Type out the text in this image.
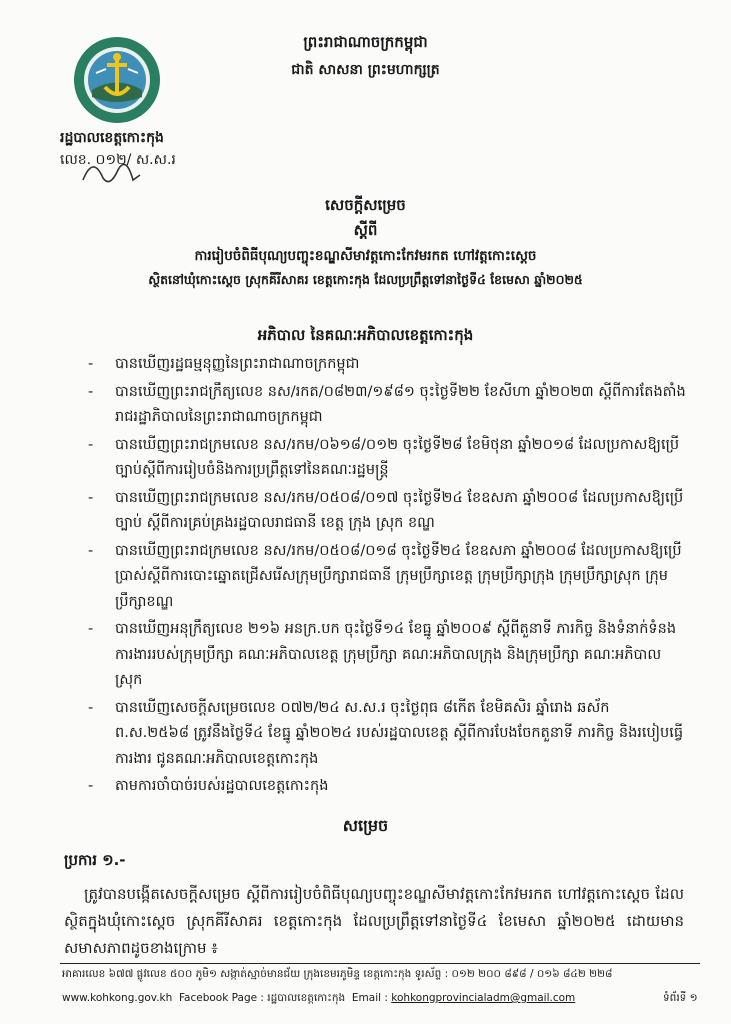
ព្រះរាជាណាចក្រកម្ពុជា
ជាតិ សាសនា ព្រះមហាក្សត្រ
រដ្ឋបាលខេត្តកោះកុង
លេខ. ០១២/ ស.ស.រ
សេចក្តីសម្រេច
ស្តីពី
ការរៀបចំពិធីបុណ្យបញ្ចុះខណ្ឌសីមាវត្តកោះកែវមរកត ហៅវត្តកោះស្ដេច
ស្ថិតនៅឃុំកោះស្ដេច ស្រុកគីរីសាគរ ខេត្តកោះកុង ដែលប្រព្រឹត្តទៅនាថ្ងៃទី៤ ខែមេសា ឆ្នាំ២០២៥
អភិបាល នៃគណៈអភិបាលខេត្តកោះកុង
- បានឃើញរដ្ឋធម្មនុញ្ញនៃព្រះរាជាណាចក្រកម្ពុជា
- បានឃើញព្រះរាជក្រឹត្យលេខ នស/រកត/០៨២៣/១៩៨១ ចុះថ្ងៃទី២២ ខែសីហា ឆ្នាំ២០២៣ ស្តីពីការតែងតាំងរាជរដ្ឋាភិបាលនៃព្រះរាជាណាចក្រកម្ពុជា
- បានឃើញព្រះរាជក្រមលេខ នស/រកម/០៦១៨/០១២ ចុះថ្ងៃទី២៨ ខែមិថុនា ឆ្នាំ២០១៨ ដែលប្រកាសឱ្យប្រើច្បាប់ស្តីពីការរៀបចំនិងការប្រព្រឹត្តទៅនៃគណៈរដ្ឋមន្ត្រី
- បានឃើញព្រះរាជក្រមលេខ នស/រកម/០៥០៨/០១៧ ចុះថ្ងៃទី២៤ ខែឧសភា ឆ្នាំ២០០៨ ដែលប្រកាសឱ្យប្រើច្បាប់ ស្តីពីការគ្រប់គ្រងរដ្ឋបាលរាជធានី ខេត្ត ក្រុង ស្រុក ខណ្ឌ
- បានឃើញព្រះរាជក្រមលេខ នស/រកម/០៥០៨/០១៨ ចុះថ្ងៃទី២៤ ខែឧសភា ឆ្នាំ២០០៨ ដែលប្រកាសឱ្យប្រើប្រាស់ស្តីពីការបោះឆ្នោតជ្រើសរើសក្រុមប្រឹក្សារាជធានី ក្រុមប្រឹក្សាខេត្ត ក្រុមប្រឹក្សាក្រុង ក្រុមប្រឹក្សាស្រុក ក្រុមប្រឹក្សាខណ្ឌ
- បានឃើញអនុក្រឹត្យលេខ ២១៦ អនក្រ.បក ចុះថ្ងៃទី១៤ ខែធ្នូ ឆ្នាំ២០០៩ ស្តីពីតួនាទី ភារកិច្ច និងទំនាក់ទំនងការងាររបស់ក្រុមប្រឹក្សា គណៈអភិបាលខេត្ត ក្រុមប្រឹក្សា គណៈអភិបាលក្រុង និងក្រុមប្រឹក្សា គណៈអភិបាលស្រុក
- បានឃើញសេចក្តីសម្រេចលេខ ០៧២/២៤ ស.ស.រ ចុះថ្ងៃពុធ ៨កើត ខែមិគសិរ ឆ្នាំរោង ឆស័ក ព.ស.២៥៦៨ ត្រូវនឹងថ្ងៃទី៤ ខែធ្នូ ឆ្នាំ២០២៤ របស់រដ្ឋបាលខេត្ត ស្តីពីការបែងចែកតួនាទី ភារកិច្ច និងរបៀបធ្វើការងារ ជូនគណៈអភិបាលខេត្តកោះកុង
- តាមការចាំបាច់របស់រដ្ឋបាលខេត្តកោះកុង
សម្រេច
ប្រការ ១.-
ត្រូវបានបង្កើតសេចក្តីសម្រេច ស្តីពីការរៀបចំពិធីបុណ្យបញ្ចុះខណ្ឌសីមាវត្តកោះកែវមរកត ហៅវត្តកោះស្ដេច ដែលស្ថិតក្នុងឃុំកោះស្ដេច ស្រុកគីរីសាគរ ខេត្តកោះកុង ដែលប្រព្រឹត្តទៅនាថ្ងៃទី៤ ខែមេសា ឆ្នាំ២០២៥ ដោយមានសមាសភាពដូចខាងក្រោម ៖
អាគារលេខ ៦៧៧ ផ្លូវលេខ ៥០០ ភូមិ១ សង្កាត់ស្មាច់មានជ័យ ក្រុងខេមរភូមិន្ទ ខេត្តកោះកុង ទូរស័ព្ទ : ០១២ ២០០ ៨៩៨ / ០១៦ ៨៤២ ២២៨
www.kohkong.gov.kh Facebook Page : រដ្ឋបាលខេត្តកោះកុង Email : kohkongprovincialadm@gmail.com	ទំព័រទី ១
